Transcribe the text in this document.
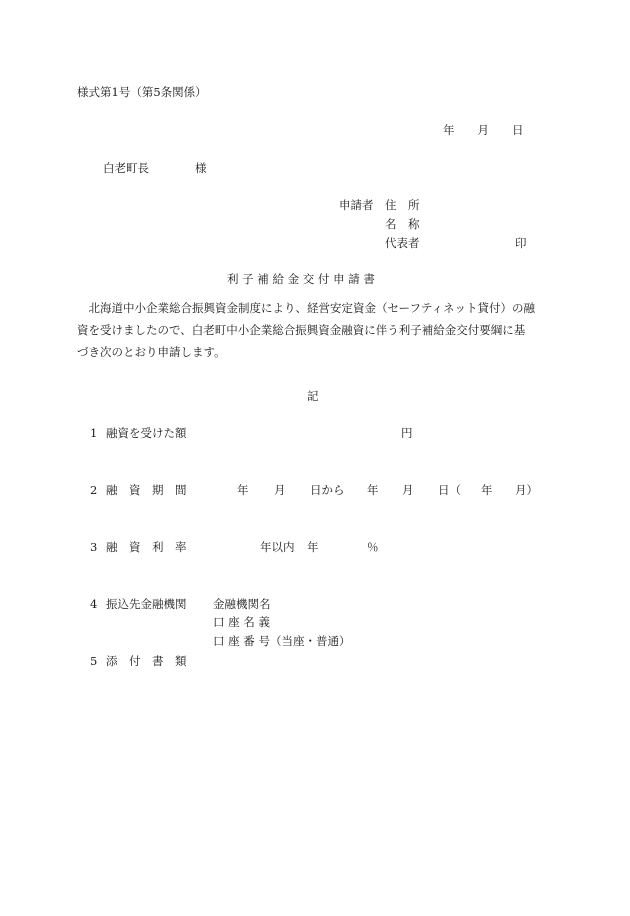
様式第1号（第5条関係）
年　　月　　日
白老町長	様
申請者 住　所
名　称
代表者	印
利 子 補 給 金 交 付 申 請 書

　北海道中小企業総合振興資金制度により、経営安定資金（セーフティネット貸付）の融

資を受けましたので、白老町中小企業総合振興資金融資に伴う利子補給金交付要綱に基

づき次のとおり申請します。

記
1 融資を受けた額	円
2 融　資　期　間	年 月 日から 年 月 日（ 年 月）
3 融　資　利　率	年以内 年	％
4 振込先金融機関 金融機関名
口 座 名 義
口 座 番 号（当座・普通）
5 添　付　書　類
